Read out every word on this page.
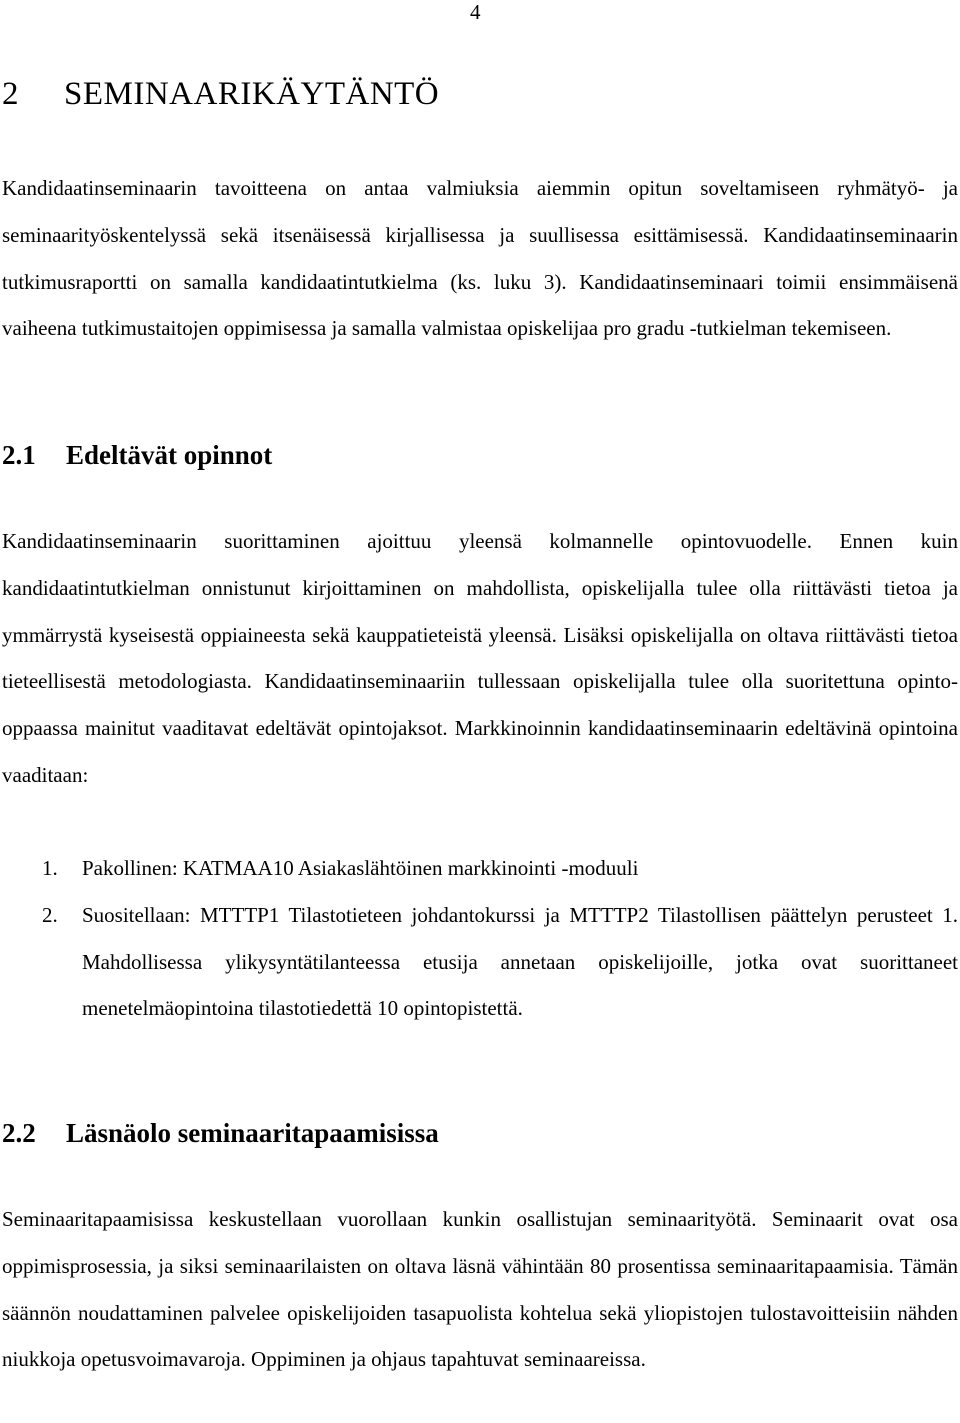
4
2 SEMINAARIKÄYTÄNTÖ

Kandidaatinseminaarin tavoitteena on antaa valmiuksia aiemmin opitun soveltamiseen ryhmätyö- ja seminaarityöskentelyssä sekä itsenäisessä kirjallisessa ja suullisessa esittämisessä. Kandidaatinseminaarin tutkimusraportti on samalla kandidaatintutkielma (ks. luku 3). Kandidaatinseminaari toimii ensimmäisenä vaiheena tutkimustaitojen oppimisessa ja samalla valmistaa opiskelijaa pro gradu -tutkielman tekemiseen.

2.1 Edeltävät opinnot

Kandidaatinseminaarin suorittaminen ajoittuu yleensä kolmannelle opintovuodelle. Ennen kuin kandidaatintutkielman onnistunut kirjoittaminen on mahdollista, opiskelijalla tulee olla riittävästi tietoa ja ymmärrystä kyseisestä oppiaineesta sekä kauppatieteistä yleensä. Lisäksi opiskelijalla on oltava riittävästi tietoa tieteellisestä metodologiasta. Kandidaatinseminaariin tullessaan opiskelijalla tulee olla suoritettuna opinto-oppaassa mainitut vaaditavat edeltävät opintojaksot. Markkinoinnin kandidaatinseminaarin edeltävinä opintoina vaaditaan:

1. Pakollinen: KATMAA10 Asiakaslähtöinen markkinointi -moduuli
2. Suositellaan: MTTTP1 Tilastotieteen johdantokurssi ja MTTTP2 Tilastollisen päättelyn perusteet 1. Mahdollisessa ylikysyntätilanteessa etusija annetaan opiskelijoille, jotka ovat suorittaneet menetelmäopintoina tilastotiedettä 10 opintopistettä.
2.2 Läsnäolo seminaaritapaamisissa

Seminaaritapaamisissa keskustellaan vuorollaan kunkin osallistujan seminaarityötä. Seminaarit ovat osa oppimisprosessia, ja siksi seminaarilaisten on oltava läsnä vähintään 80 prosentissa seminaaritapaamisia. Tämän säännön noudattaminen palvelee opiskelijoiden tasapuolista kohtelua sekä yliopistojen tulostavoitteisiin nähden niukkoja opetusvoimavaroja. Oppiminen ja ohjaus tapahtuvat seminaareissa.
